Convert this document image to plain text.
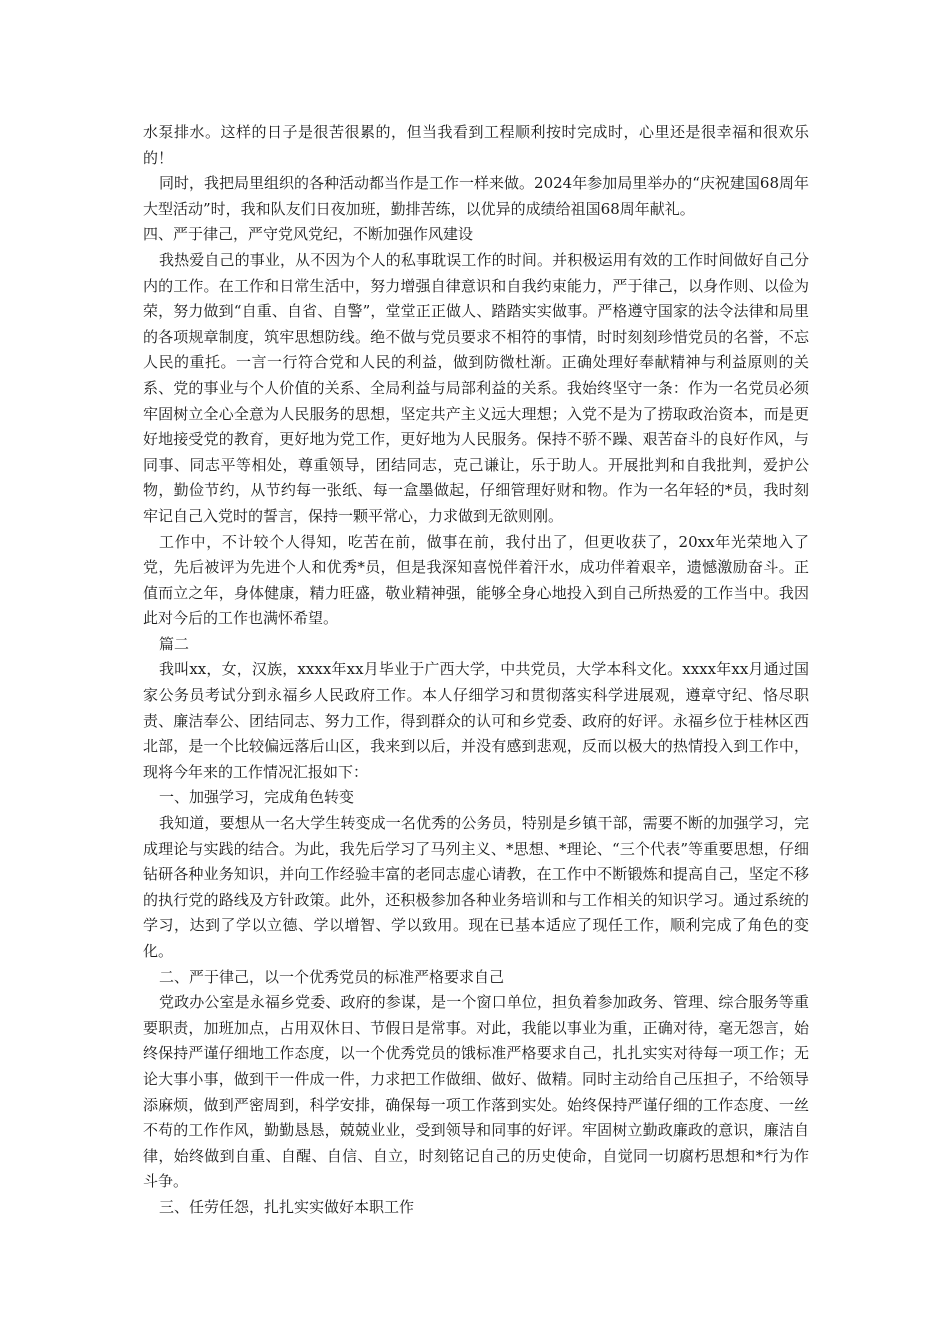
水泵排水。这样的日子是很苦很累的，但当我看到工程顺利按时完成时，心里还是很幸福和很欢乐的！

同时，我把局里组织的各种活动都当作是工作一样来做。2024年参加局里举办的“庆祝建国68周年大型活动”时，我和队友们日夜加班，勤排苦练，以优异的成绩给祖国68周年献礼。

四、严于律己，严守党风党纪，不断加强作风建设

我热爱自己的事业，从不因为个人的私事耽误工作的时间。并积极运用有效的工作时间做好自己分内的工作。在工作和日常生活中，努力增强自律意识和自我约束能力，严于律己，以身作则、以俭为荣，努力做到“自重、自省、自警”，堂堂正正做人、踏踏实实做事。严格遵守国家的法令法律和局里的各项规章制度，筑牢思想防线。绝不做与党员要求不相符的事情，时时刻刻珍惜党员的名誉，不忘人民的重托。一言一行符合党和人民的利益，做到防微杜渐。正确处理好奉献精神与利益原则的关系、党的事业与个人价值的关系、全局利益与局部利益的关系。我始终坚守一条：作为一名党员必须牢固树立全心全意为人民服务的思想，坚定共产主义远大理想；入党不是为了捞取政治资本，而是更好地接受党的教育，更好地为党工作，更好地为人民服务。保持不骄不躁、艰苦奋斗的良好作风，与同事、同志平等相处，尊重领导，团结同志，克己谦让，乐于助人。开展批判和自我批判，爱护公物，勤俭节约，从节约每一张纸、每一盒墨做起，仔细管理好财和物。作为一名年轻的*员，我时刻牢记自己入党时的誓言，保持一颗平常心，力求做到无欲则刚。

工作中，不计较个人得知，吃苦在前，做事在前，我付出了，但更收获了，20xx年光荣地入了党，先后被评为先进个人和优秀*员，但是我深知喜悦伴着汗水，成功伴着艰辛，遗憾激励奋斗。正值而立之年，身体健康，精力旺盛，敬业精神强，能够全身心地投入到自己所热爱的工作当中。我因此对今后的工作也满怀希望。

篇二

我叫xx，女，汉族，xxxx年xx月毕业于广西大学，中共党员，大学本科文化。xxxx年xx月通过国家公务员考试分到永福乡人民政府工作。本人仔细学习和贯彻落实科学进展观，遵章守纪、恪尽职责、廉洁奉公、团结同志、努力工作，得到群众的认可和乡党委、政府的好评。永福乡位于桂林区西北部，是一个比较偏远落后山区，我来到以后，并没有感到悲观，反而以极大的热情投入到工作中，现将今年来的工作情况汇报如下：

一、加强学习，完成角色转变

我知道，要想从一名大学生转变成一名优秀的公务员，特别是乡镇干部，需要不断的加强学习，完成理论与实践的结合。为此，我先后学习了马列主义、*思想、*理论、“三个代表”等重要思想，仔细钻研各种业务知识，并向工作经验丰富的老同志虚心请教，在工作中不断锻炼和提高自己，坚定不移的执行党的路线及方针政策。此外，还积极参加各种业务培训和与工作相关的知识学习。通过系统的学习，达到了学以立德、学以增智、学以致用。现在已基本适应了现任工作，顺利完成了角色的变化。

二、严于律己，以一个优秀党员的标准严格要求自己

党政办公室是永福乡党委、政府的参谋，是一个窗口单位，担负着参加政务、管理、综合服务等重要职责，加班加点，占用双休日、节假日是常事。对此，我能以事业为重，正确对待，毫无怨言，始终保持严谨仔细地工作态度，以一个优秀党员的饿标准严格要求自己，扎扎实实对待每一项工作；无论大事小事，做到干一件成一件，力求把工作做细、做好、做精。同时主动给自己压担子，不给领导添麻烦，做到严密周到，科学安排，确保每一项工作落到实处。始终保持严谨仔细的工作态度、一丝不苟的工作作风，勤勤恳恳，兢兢业业，受到领导和同事的好评。牢固树立勤政廉政的意识，廉洁自律，始终做到自重、自醒、自信、自立，时刻铭记自己的历史使命，自觉同一切腐朽思想和*行为作斗争。

三、任劳任怨，扎扎实实做好本职工作
